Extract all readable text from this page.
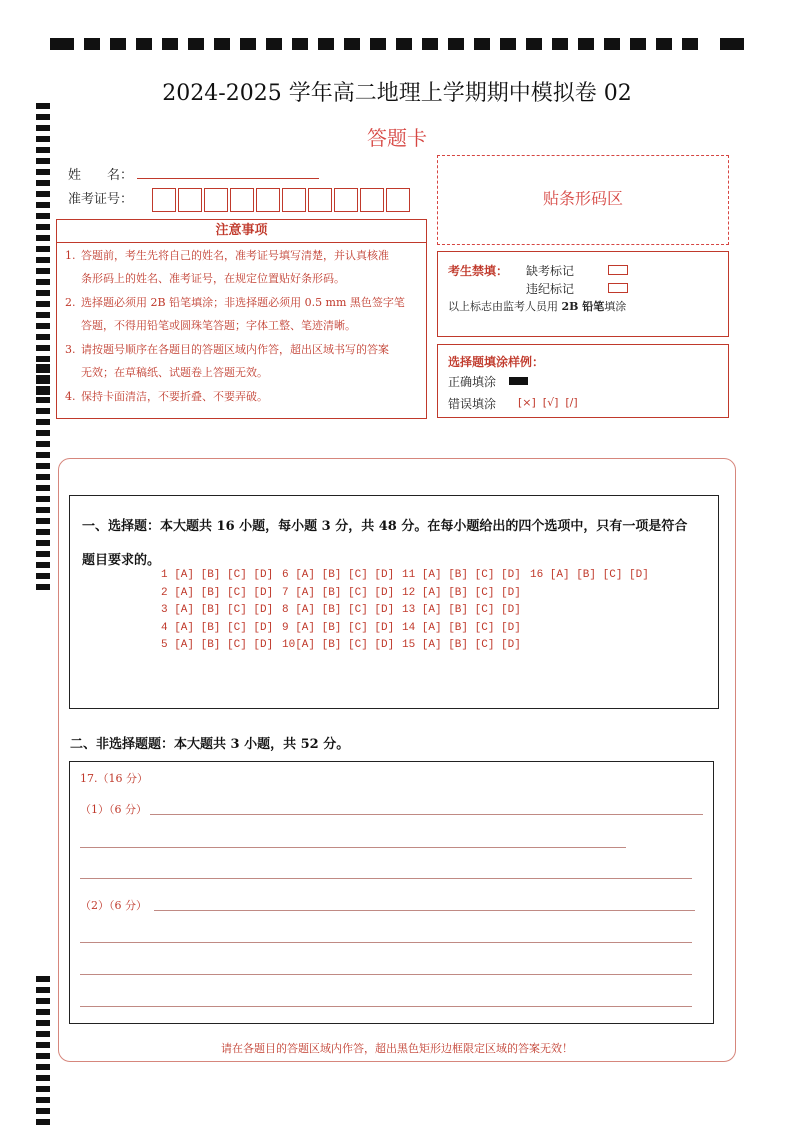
2024-2025 学年高二地理上学期期中模拟卷 02
答题卡
姓　　名：
准考证号：
注意事项
1. 答题前，考生先将自己的姓名，准考证号填写清楚，并认真核准
条形码上的姓名、准考证号，在规定位置贴好条形码。
2. 选择题必须用 2B 铅笔填涂；非选择题必须用 0.5 mm 黑色签字笔
答题，不得用铅笔或圆珠笔答题；字体工整、笔迹清晰。
3. 请按题号顺序在各题目的答题区域内作答，超出区域书写的答案
无效；在草稿纸、试题卷上答题无效。
4. 保持卡面清洁，不要折叠、不要弄破。
贴条形码区
考生禁填： 缺考标记
违纪标记
以上标志由监考人员用 2B 铅笔填涂
选择题填涂样例：
正确填涂
错误填涂 [×]  [√]  [/]
一、选择题：本大题共 16 小题，每小题 3 分，共 48 分。在每小题给出的四个选项中，只有一项是符合
题目要求的。
1 [A] [B] [C] [D]
2 [A] [B] [C] [D]
3 [A] [B] [C] [D]
4 [A] [B] [C] [D]
5 [A] [B] [C] [D]
6 [A] [B] [C] [D]
7 [A] [B] [C] [D]
8 [A] [B] [C] [D]
9 [A] [B] [C] [D]
10[A] [B] [C] [D]
11 [A] [B] [C] [D]
12 [A] [B] [C] [D]
13 [A] [B] [C] [D]
14 [A] [B] [C] [D]
15 [A] [B] [C] [D]
16 [A] [B] [C] [D]
二、非选择题题：本大题共 3 小题，共 52 分。
17.（16 分）
（1）（6 分）
（2）（6 分）
请在各题目的答题区域内作答，超出黑色矩形边框限定区域的答案无效！
